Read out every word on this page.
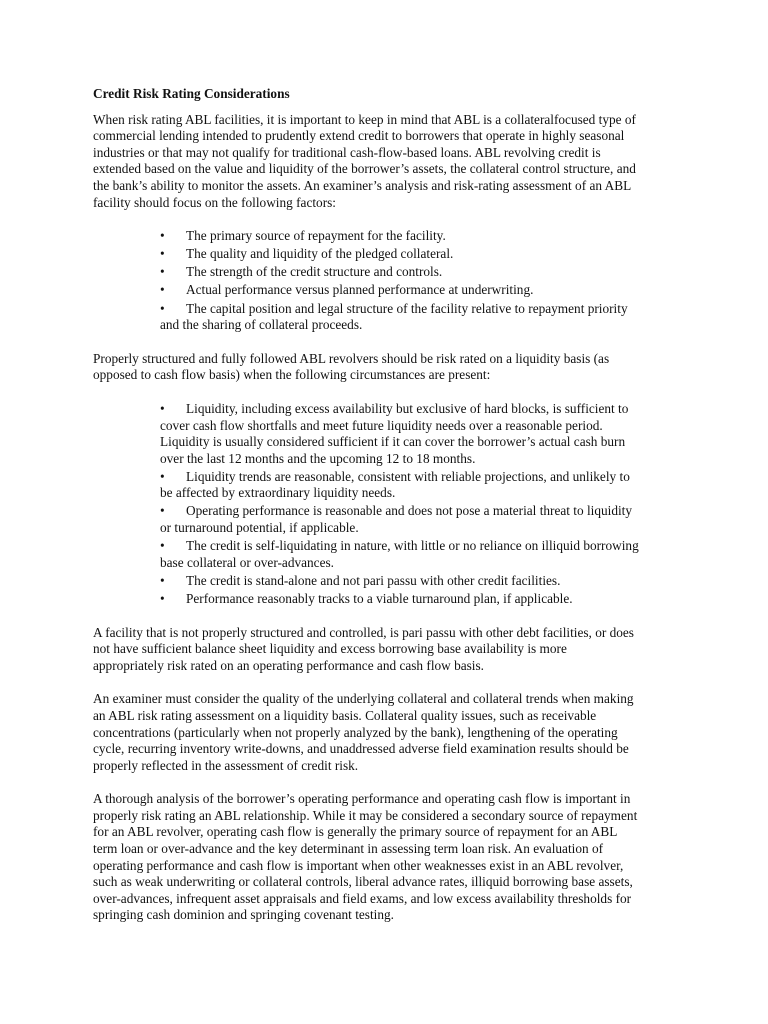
Credit Risk Rating Considerations
When risk rating ABL facilities, it is important to keep in mind that ABL is a collateralfocused type of
commercial lending intended to prudently extend credit to borrowers that operate in highly seasonal
industries or that may not qualify for traditional cash-flow-based loans. ABL revolving credit is
extended based on the value and liquidity of the borrower’s assets, the collateral control structure, and
the bank’s ability to monitor the assets. An examiner’s analysis and risk-rating assessment of an ABL
facility should focus on the following factors:
• The primary source of repayment for the facility.
• The quality and liquidity of the pledged collateral.
• The strength of the credit structure and controls.
• Actual performance versus planned performance at underwriting.
• The capital position and legal structure of the facility relative to repayment priority
and the sharing of collateral proceeds.
Properly structured and fully followed ABL revolvers should be risk rated on a liquidity basis (as
opposed to cash flow basis) when the following circumstances are present:
• Liquidity, including excess availability but exclusive of hard blocks, is sufficient to
cover cash flow shortfalls and meet future liquidity needs over a reasonable period.
Liquidity is usually considered sufficient if it can cover the borrower’s actual cash burn
over the last 12 months and the upcoming 12 to 18 months.
• Liquidity trends are reasonable, consistent with reliable projections, and unlikely to
be affected by extraordinary liquidity needs.
• Operating performance is reasonable and does not pose a material threat to liquidity
or turnaround potential, if applicable.
• The credit is self-liquidating in nature, with little or no reliance on illiquid borrowing
base collateral or over-advances.
• The credit is stand-alone and not pari passu with other credit facilities.
• Performance reasonably tracks to a viable turnaround plan, if applicable.
A facility that is not properly structured and controlled, is pari passu with other debt facilities, or does
not have sufficient balance sheet liquidity and excess borrowing base availability is more
appropriately risk rated on an operating performance and cash flow basis.
An examiner must consider the quality of the underlying collateral and collateral trends when making
an ABL risk rating assessment on a liquidity basis. Collateral quality issues, such as receivable
concentrations (particularly when not properly analyzed by the bank), lengthening of the operating
cycle, recurring inventory write-downs, and unaddressed adverse field examination results should be
properly reflected in the assessment of credit risk.
A thorough analysis of the borrower’s operating performance and operating cash flow is important in
properly risk rating an ABL relationship. While it may be considered a secondary source of repayment
for an ABL revolver, operating cash flow is generally the primary source of repayment for an ABL
term loan or over-advance and the key determinant in assessing term loan risk. An evaluation of
operating performance and cash flow is important when other weaknesses exist in an ABL revolver,
such as weak underwriting or collateral controls, liberal advance rates, illiquid borrowing base assets,
over-advances, infrequent asset appraisals and field exams, and low excess availability thresholds for
springing cash dominion and springing covenant testing.
